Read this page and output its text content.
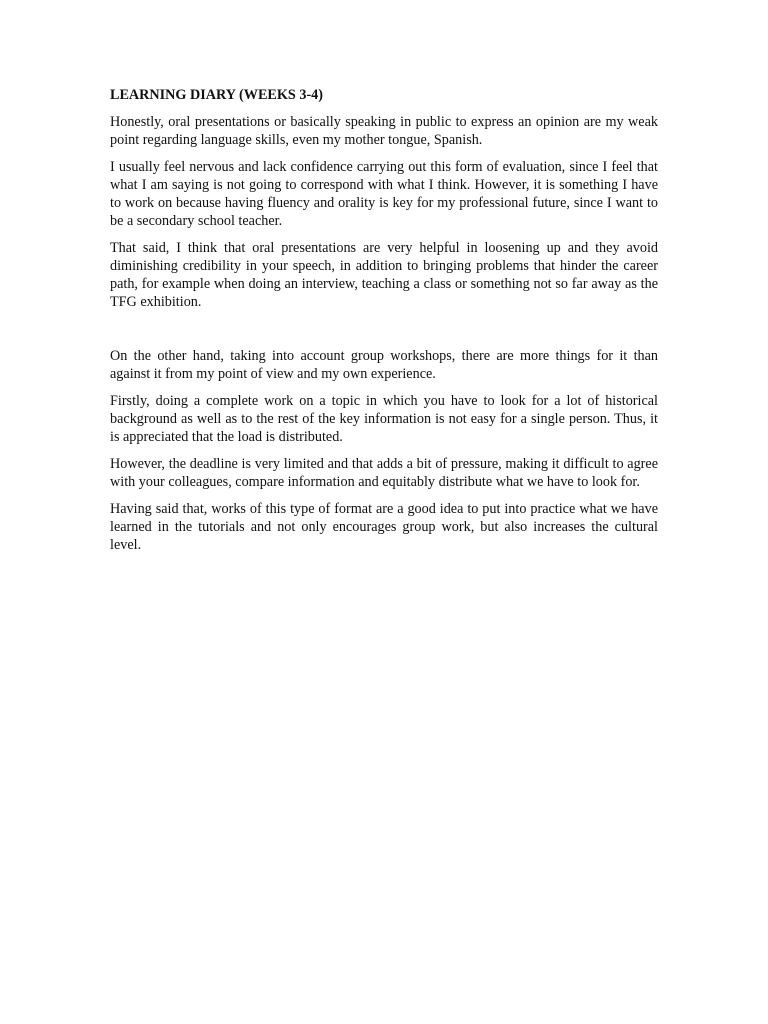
LEARNING DIARY (WEEKS 3-4)

Honestly, oral presentations or basically speaking in public to express an opinion are my weak point regarding language skills, even my mother tongue, Spanish.

I usually feel nervous and lack confidence carrying out this form of evaluation, since I feel that what I am saying is not going to correspond with what I think. However, it is something I have to work on because having fluency and orality is key for my professional future, since I want to be a secondary school teacher.

That said, I think that oral presentations are very helpful in loosening up and they avoid diminishing credibility in your speech, in addition to bringing problems that hinder the career path, for example when doing an interview, teaching a class or something not so far away as the TFG exhibition.

On the other hand, taking into account group workshops, there are more things for it than against it from my point of view and my own experience.

Firstly, doing a complete work on a topic in which you have to look for a lot of historical background as well as to the rest of the key information is not easy for a single person. Thus, it is appreciated that the load is distributed.

However, the deadline is very limited and that adds a bit of pressure, making it difficult to agree with your colleagues, compare information and equitably distribute what we have to look for.

Having said that, works of this type of format are a good idea to put into practice what we have learned in the tutorials and not only encourages group work, but also increases the cultural level.
